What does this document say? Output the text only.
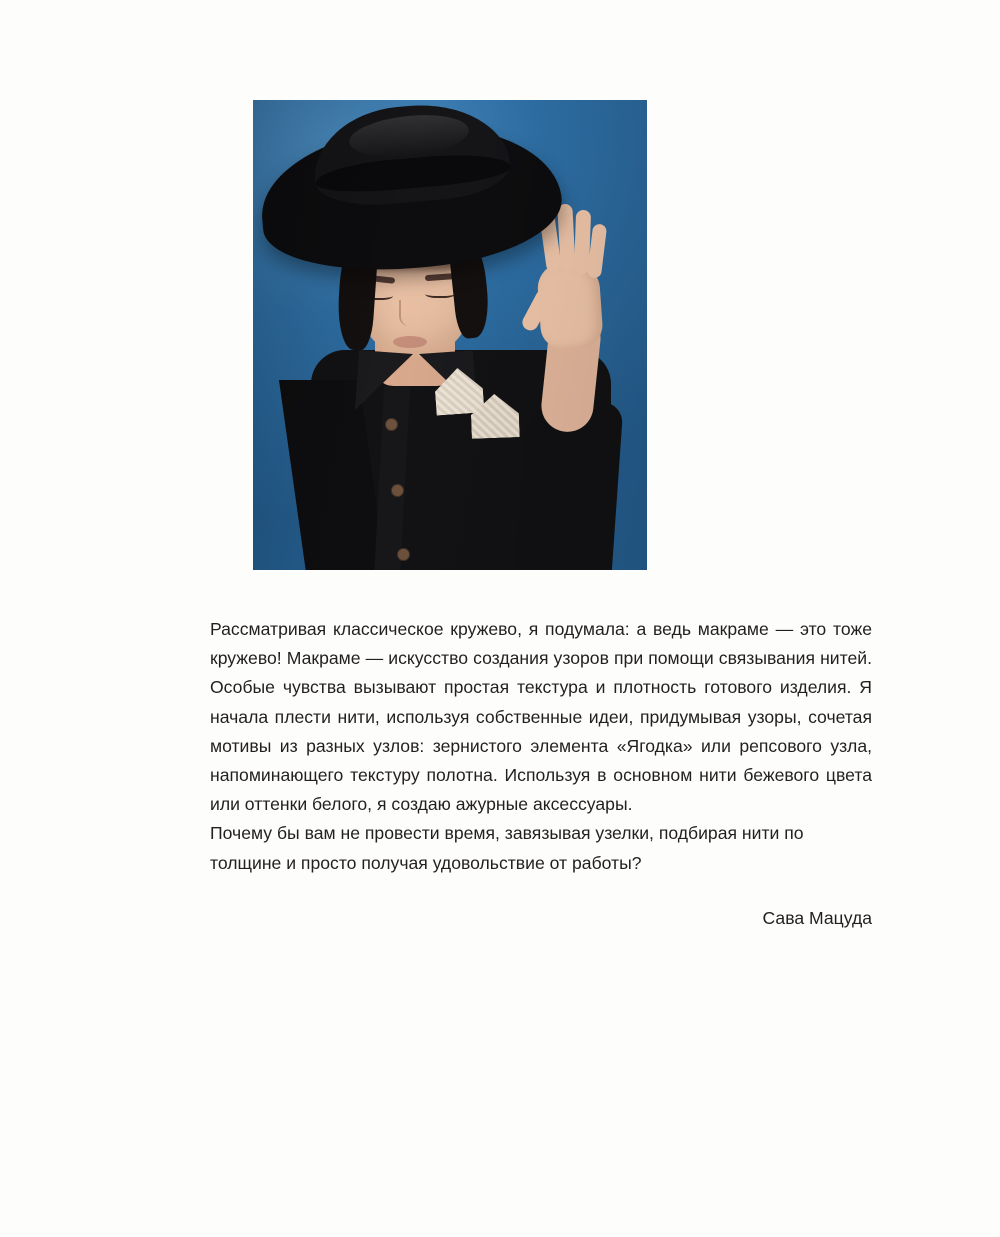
Рассматривая классическое кружево, я подумала: а ведь макраме — это тоже кружево! Макраме — искусство создания узоров при помощи связывания нитей. Особые чувства вызывают простая текстура и плотность готового изделия. Я начала плести нити, используя собственные идеи, придумывая узоры, сочетая мотивы из разных узлов: зернистого элемента «Ягодка» или репсового узла, напоминающего текстуру полотна. Используя в основном нити бежевого цвета или оттенки белого, я создаю ажурные аксессуары.

Почему бы вам не провести время, завязывая узелки, подбирая нити по толщине и просто получая удовольствие от работы?

Сава Мацуда
